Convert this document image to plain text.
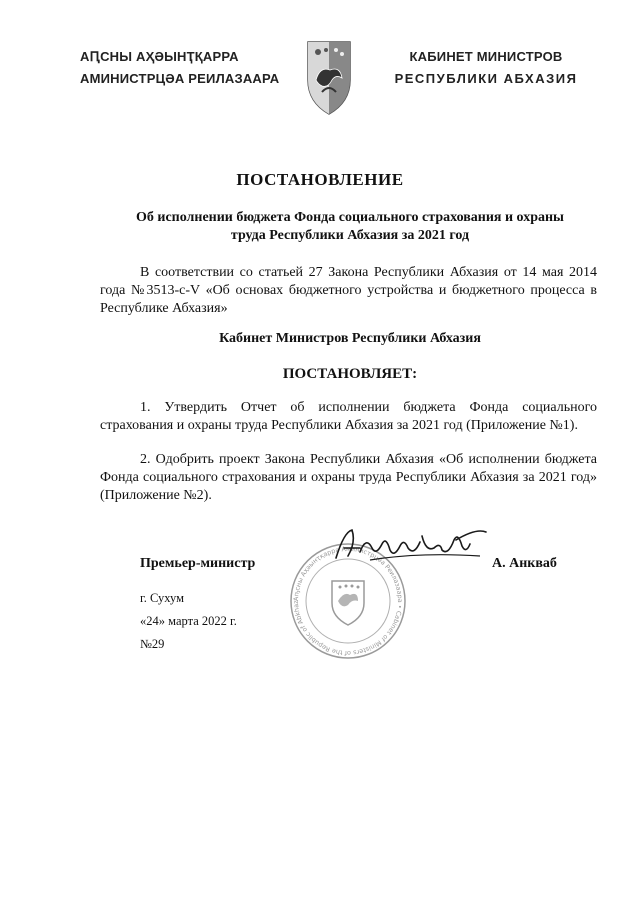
АԤСНЫ АҲӘЫНҬҚАРРА
АМИНИСТРЦӘА РЕИЛАЗААРА
КАБИНЕТ МИНИСТРОВ
РЕСПУБЛИКИ АБХАЗИЯ
ПОСТАНОВЛЕНИЕ
Об исполнении бюджета Фонда социального страхования и охраны
труда Республики Абхазия за 2021 год
В соответствии со статьей 27 Закона Республики Абхазия от 14 мая 2014 года №3513-с-V «Об основах бюджетного устройства и бюджетного процесса в Республике Абхазия»
Кабинет Министров Республики Абхазия
ПОСТАНОВЛЯЕТ:
1. Утвердить Отчет об исполнении бюджета Фонда социального страхования и охраны труда Республики Абхазия за 2021 год (Приложение №1).
2. Одобрить проект Закона Республики Абхазия «Об исполнении бюджета Фонда социального страхования и охраны труда Республики Абхазия за 2021 год» (Приложение №2).
Аҧсны Аҳәынҭқарра Аминистрцәа Реилазаара • Cabinet of Ministers of the Republic of Abkhaz
Премьер-министр	А. Анкваб
г. Сухум
«24» марта 2022 г.
№29
